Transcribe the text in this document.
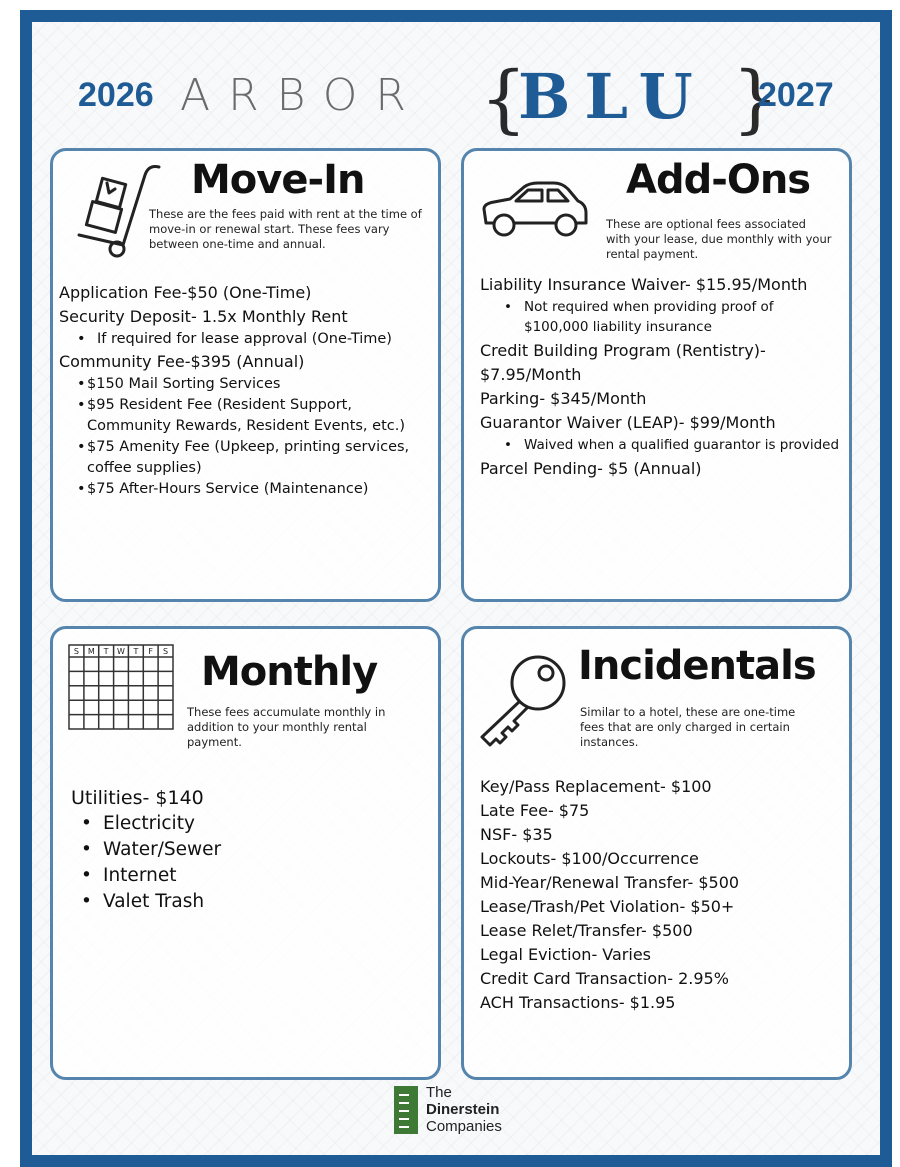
2026 ARBOR {
BLU }
2027
Move-In
These are the fees paid with rent at the time of move-in or renewal start. These fees vary between one-time and annual.
Application Fee-$50 (One-Time)
Security Deposit- 1.5x Monthly Rent
• If required for lease approval (One-Time)
Community Fee-$395 (Annual)
• $150 Mail Sorting Services
• $95 Resident Fee (Resident Support, Community Rewards, Resident Events, etc.)
• $75 Amenity Fee (Upkeep, printing services, coffee supplies)
• $75 After-Hours Service (Maintenance)
Add-Ons
These are optional fees associated with your lease, due monthly with your rental payment.
Liability Insurance Waiver- $15.95/Month
• Not required when providing proof of $100,000 liability insurance
Credit Building Program (Rentistry)- $7.95/Month
Parking- $345/Month
Guarantor Waiver (LEAP)- $99/Month
• Waived when a qualified guarantor is provided
Parcel Pending- $5 (Annual)
S M T W T F S Monthly
These fees accumulate monthly in addition to your monthly rental payment.
Utilities- $140
• Electricity
• Water/Sewer
• Internet
• Valet Trash
Incidentals
Similar to a hotel, these are one-time fees that are only charged in certain instances.
Key/Pass Replacement- $100
Late Fee- $75
NSF- $35
Lockouts- $100/Occurrence
Mid-Year/Renewal Transfer- $500
Lease/Trash/Pet Violation- $50+
Lease Relet/Transfer- $500
Legal Eviction- Varies
Credit Card Transaction- 2.95%
ACH Transactions- $1.95
The
Dinerstein
Companies
